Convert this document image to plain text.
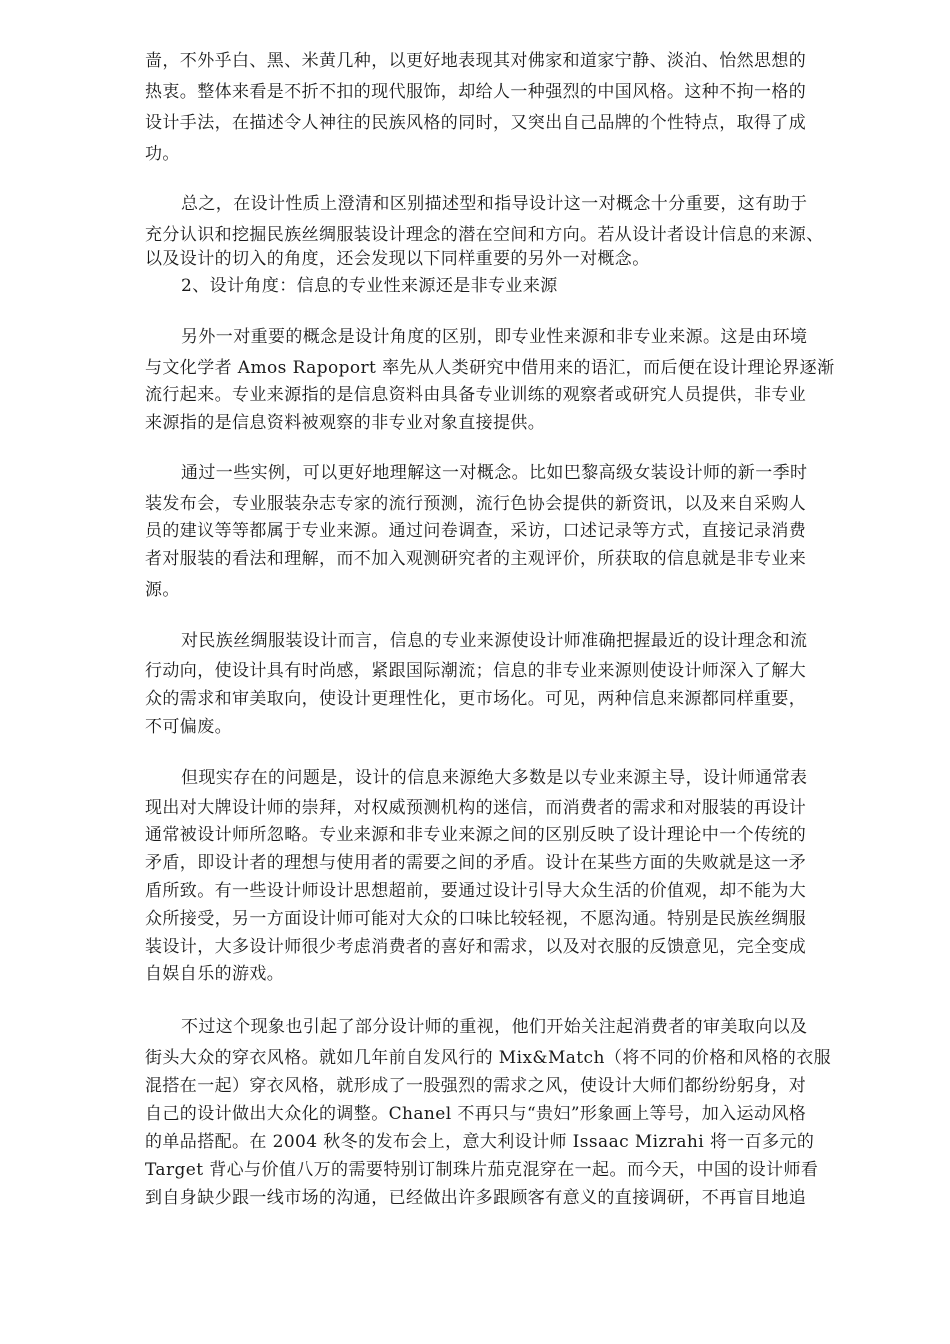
啬，不外乎白、黑、米黄几种，以更好地表现其对佛家和道家宁静、淡泊、怡然思想的
热衷。整体来看是不折不扣的现代服饰，却给人一种强烈的中国风格。这种不拘一格的
设计手法，在描述令人神往的民族风格的同时，又突出自己品牌的个性特点，取得了成
功。
总之，在设计性质上澄清和区别描述型和指导设计这一对概念十分重要，这有助于
充分认识和挖掘民族丝绸服装设计理念的潜在空间和方向。若从设计者设计信息的来源、
以及设计的切入的角度，还会发现以下同样重要的另外一对概念。
2、设计角度：信息的专业性来源还是非专业来源
另外一对重要的概念是设计角度的区别，即专业性来源和非专业来源。这是由环境
与文化学者 Amos Rapoport 率先从人类研究中借用来的语汇，而后便在设计理论界逐渐
流行起来。专业来源指的是信息资料由具备专业训练的观察者或研究人员提供，非专业
来源指的是信息资料被观察的非专业对象直接提供。
通过一些实例，可以更好地理解这一对概念。比如巴黎高级女装设计师的新一季时
装发布会，专业服装杂志专家的流行预测，流行色协会提供的新资讯，以及来自采购人
员的建议等等都属于专业来源。通过问卷调查，采访，口述记录等方式，直接记录消费
者对服装的看法和理解，而不加入观测研究者的主观评价，所获取的信息就是非专业来
源。
对民族丝绸服装设计而言，信息的专业来源使设计师准确把握最近的设计理念和流
行动向，使设计具有时尚感，紧跟国际潮流；信息的非专业来源则使设计师深入了解大
众的需求和审美取向，使设计更理性化，更市场化。可见，两种信息来源都同样重要，
不可偏废。
但现实存在的问题是，设计的信息来源绝大多数是以专业来源主导，设计师通常表
现出对大牌设计师的崇拜，对权威预测机构的迷信，而消费者的需求和对服装的再设计
通常被设计师所忽略。专业来源和非专业来源之间的区别反映了设计理论中一个传统的
矛盾，即设计者的理想与使用者的需要之间的矛盾。设计在某些方面的失败就是这一矛
盾所致。有一些设计师设计思想超前，要通过设计引导大众生活的价值观，却不能为大
众所接受，另一方面设计师可能对大众的口味比较轻视，不愿沟通。特别是民族丝绸服
装设计，大多设计师很少考虑消费者的喜好和需求，以及对衣服的反馈意见，完全变成
自娱自乐的游戏。
不过这个现象也引起了部分设计师的重视，他们开始关注起消费者的审美取向以及
街头大众的穿衣风格。就如几年前自发风行的 Mix&Match（将不同的价格和风格的衣服
混搭在一起）穿衣风格，就形成了一股强烈的需求之风，使设计大师们都纷纷躬身，对
自己的设计做出大众化的调整。Chanel 不再只与“贵妇”形象画上等号，加入运动风格
的单品搭配。在 2004 秋冬的发布会上，意大利设计师 Issaac Mizrahi 将一百多元的
Target 背心与价值八万的需要特别订制珠片茄克混穿在一起。而今天，中国的设计师看
到自身缺少跟一线市场的沟通，已经做出许多跟顾客有意义的直接调研，不再盲目地追
